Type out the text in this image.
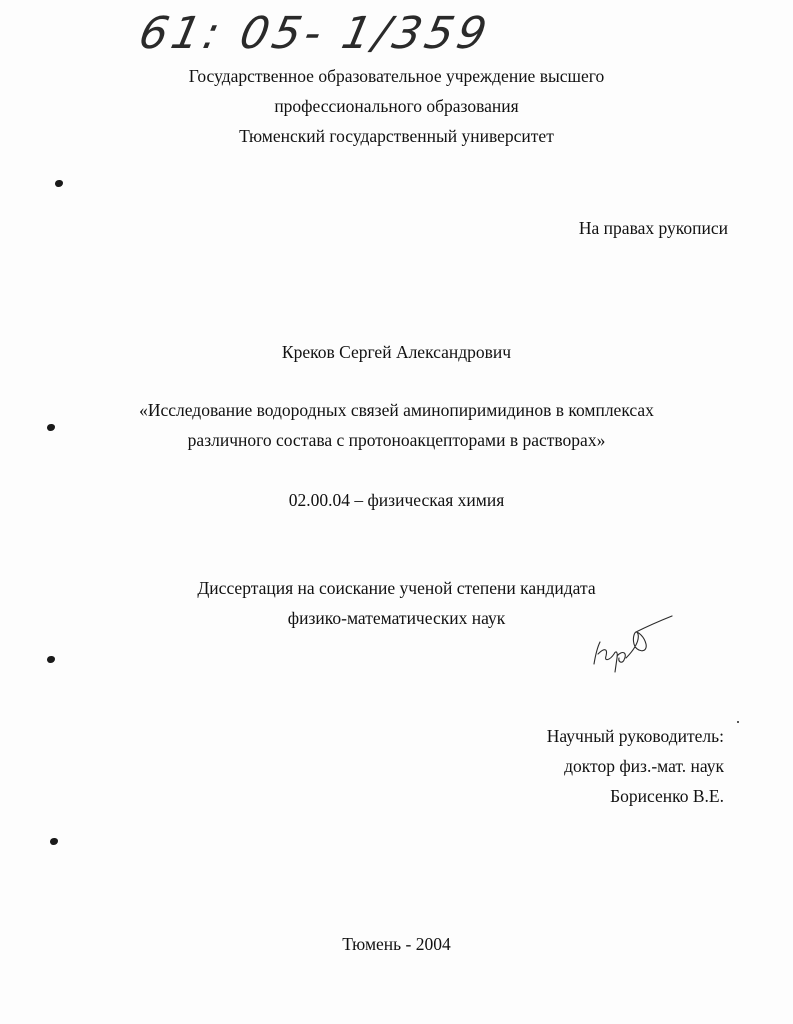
61: 05- 1/359
Государственное образовательное учреждение высшего
профессионального образования
Тюменский государственный университет
На правах рукописи
Креков Сергей Александрович
«Исследование водородных связей аминопиримидинов в комплексах
различного состава с протоноакцепторами в растворах»
02.00.04 – физическая химия
Диссертация на соискание ученой степени кандидата
физико-математических наук	Кре
Научный руководитель:
доктор физ.-мат. наук
Борисенко В.Е.
Тюмень - 2004
